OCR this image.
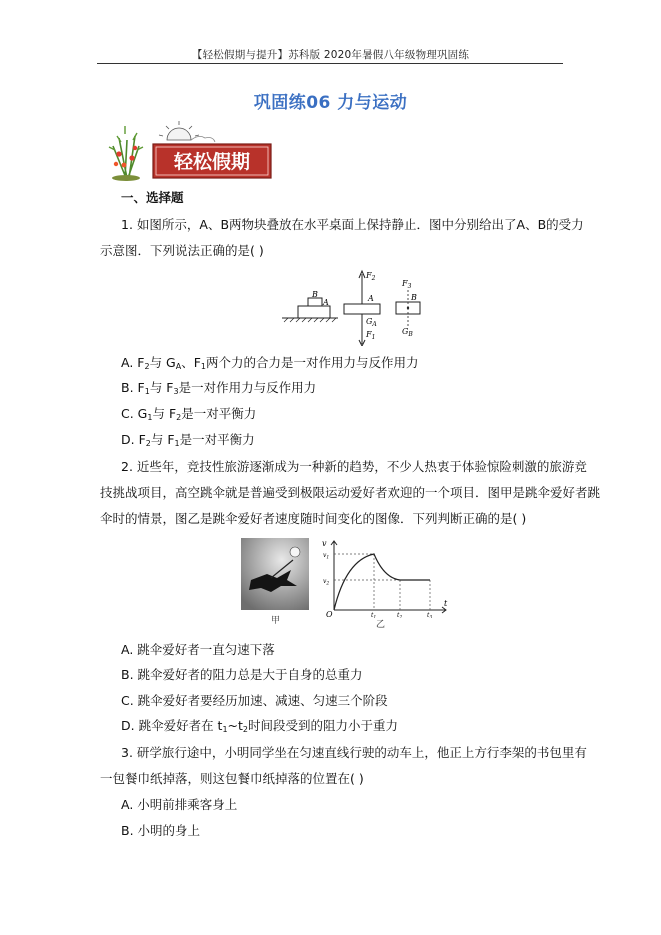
【轻松假期与提升】苏科版 2020年暑假八年级物理巩固练
巩固练06 力与运动
轻松假期
一、选择题
1. 如图所示，A、B两物块叠放在水平桌面上保持静止．图中分别给出了A、B的受力
示意图．下列说法正确的是( )
B
A
$F_2$
A
$G_A$
$F_1$
$F_3$
B
$G_B$
A. $F_2$与 $G_A$、$F_1$两个力的合力是一对作用力与反作用力
B. $F_1$与 $F_3$是一对作用力与反作用力
C. $G_1$与 $F_2$是一对平衡力
D. $F_2$与 $F_1$是一对平衡力
2. 近些年，竞技性旅游逐渐成为一种新的趋势，不少人热衷于体验惊险刺激的旅游竞
技挑战项目，高空跳伞就是普遍受到极限运动爱好者欢迎的一个项目．图甲是跳伞爱好者跳
伞时的情景，图乙是跳伞爱好者速度随时间变化的图像．下列判断正确的是( )
甲
v
t
O
$v_1$
$v_2$
$t_1$	$t_2$	$t_3$
乙
A. 跳伞爱好者一直匀速下落
B. 跳伞爱好者的阻力总是大于自身的总重力
C. 跳伞爱好者要经历加速、减速、匀速三个阶段
D. 跳伞爱好者在 $t_1\sim t_2$时间段受到的阻力小于重力
3. 研学旅行途中，小明同学坐在匀速直线行驶的动车上，他正上方行李架的书包里有
一包餐巾纸掉落，则这包餐巾纸掉落的位置在( )
A. 小明前排乘客身上
B. 小明的身上
